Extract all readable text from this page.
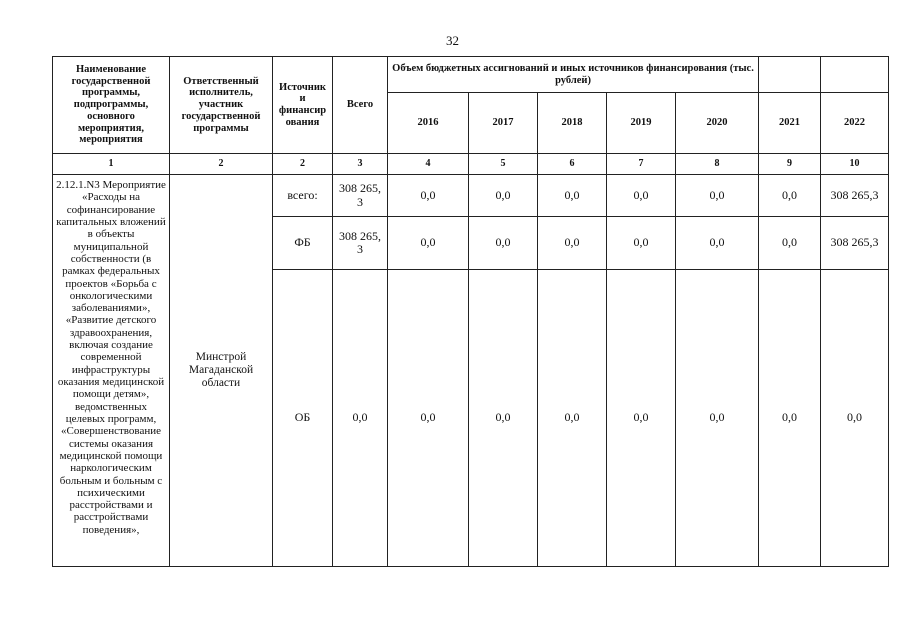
32
Наименование государственной программы, подпрограммы, основного мероприятия, мероприятия	Ответственный исполнитель, участник государственной программы	Источник и финансир ования	Всего	Объем бюджетных ассигнований и иных источников финансирования (тыс. рублей)						
				2016	2017	2018	2019	2020	2021	2022
1	2	2	3	4	5	6	7	8	9	10
2.12.1.N3 Мероприятие «Расходы на софинансирование капитальных вложений в объекты муниципальной собственности (в рамках федеральных проектов «Борьба с онкологическими заболеваниями», «Развитие детского здравоохранения, включая создание современной инфраструктуры оказания медицинской помощи детям», ведомственных целевых программ, «Совершенствование системы оказания медицинской помощи наркологическим больным и больным с психическими расстройствами и расстройствами поведения»,	Минстрой Магаданской области	всего:	308 265, 3	0,0	0,0	0,0	0,0	0,0	0,0	308 265,3
		ФБ	308 265, 3	0,0	0,0	0,0	0,0	0,0	0,0	308 265,3
		ОБ	0,0	0,0	0,0	0,0	0,0	0,0	0,0	0,0
